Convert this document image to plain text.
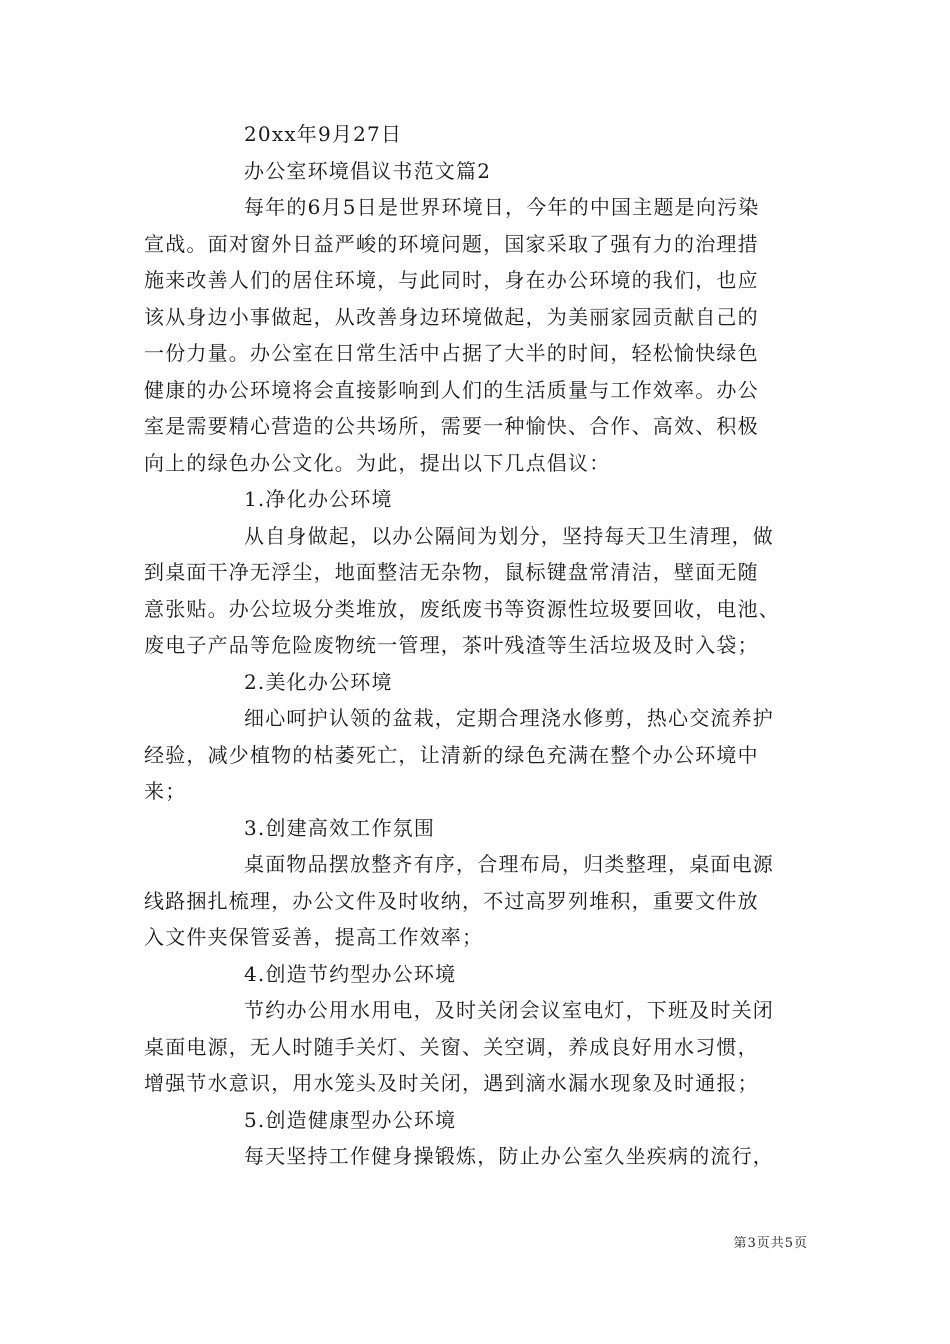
20xx年9月27日
办公室环境倡议书范文篇2
每年的6月5日是世界环境日，今年的中国主题是向污染
宣战。面对窗外日益严峻的环境问题，国家采取了强有力的治理措
施来改善人们的居住环境，与此同时，身在办公环境的我们，也应
该从身边小事做起，从改善身边环境做起，为美丽家园贡献自己的
一份力量。办公室在日常生活中占据了大半的时间，轻松愉快绿色
健康的办公环境将会直接影响到人们的生活质量与工作效率。办公
室是需要精心营造的公共场所，需要一种愉快、合作、高效、积极
向上的绿色办公文化。为此，提出以下几点倡议：
1.净化办公环境
从自身做起，以办公隔间为划分，坚持每天卫生清理，做
到桌面干净无浮尘，地面整洁无杂物，鼠标键盘常清洁，壁面无随
意张贴。办公垃圾分类堆放，废纸废书等资源性垃圾要回收，电池、
废电子产品等危险废物统一管理，茶叶残渣等生活垃圾及时入袋；
2.美化办公环境
细心呵护认领的盆栽，定期合理浇水修剪，热心交流养护
经验，减少植物的枯萎死亡，让清新的绿色充满在整个办公环境中
来；
3.创建高效工作氛围
桌面物品摆放整齐有序，合理布局，归类整理，桌面电源
线路捆扎梳理，办公文件及时收纳，不过高罗列堆积，重要文件放
入文件夹保管妥善，提高工作效率；
4.创造节约型办公环境
节约办公用水用电，及时关闭会议室电灯，下班及时关闭
桌面电源，无人时随手关灯、关窗、关空调，养成良好用水习惯，
增强节水意识，用水笼头及时关闭，遇到滴水漏水现象及时通报；
5.创造健康型办公环境
每天坚持工作健身操锻炼，防止办公室久坐疾病的流行，
第3页共5页
